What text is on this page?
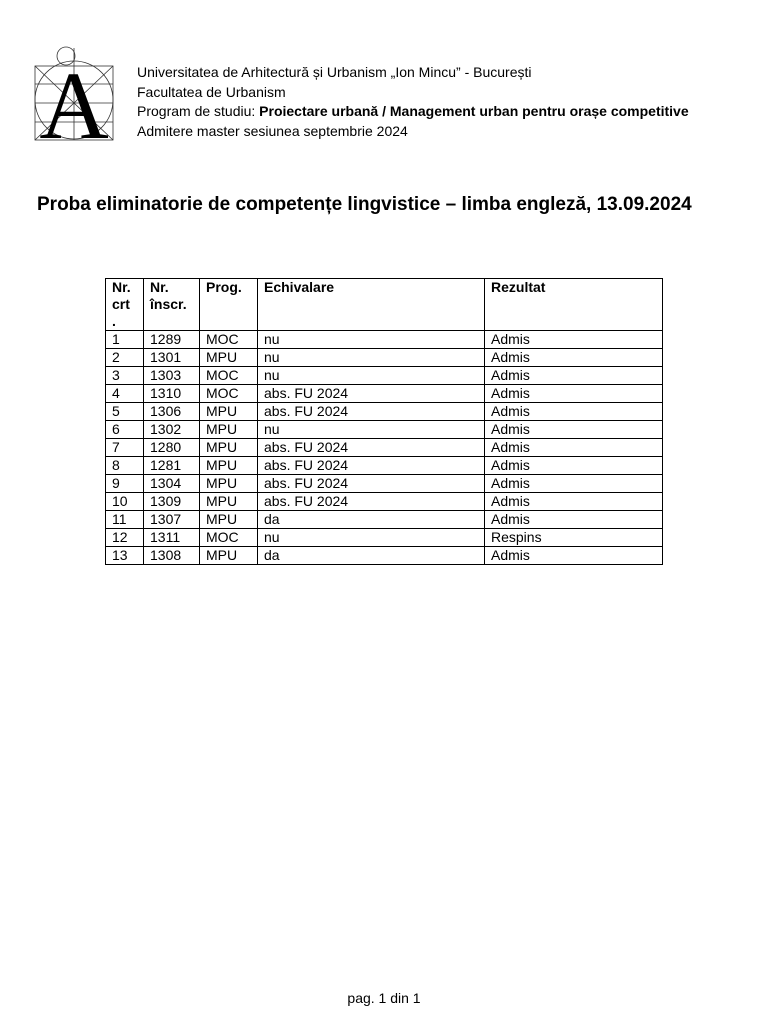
A Universitatea de Arhitectură și Urbanism „Ion Mincu” - București
Facultatea de Urbanism
Program de studiu: Proiectare urbană / Management urban pentru orașe competitive
Admitere master sesiunea septembrie 2024
Proba eliminatorie de competențe lingvistice – limba engleză, 13.09.2024
Nr. crt .	Nr. înscr.	Prog.	Echivalare	Rezultat
1	1289	MOC	nu	Admis
2	1301	MPU	nu	Admis
3	1303	MOC	nu	Admis
4	1310	MOC	abs. FU 2024	Admis
5	1306	MPU	abs. FU 2024	Admis
6	1302	MPU	nu	Admis
7	1280	MPU	abs. FU 2024	Admis
8	1281	MPU	abs. FU 2024	Admis
9	1304	MPU	abs. FU 2024	Admis
10	1309	MPU	abs. FU 2024	Admis
11	1307	MPU	da	Admis
12	1311	MOC	nu	Respins
13	1308	MPU	da	Admis
pag. 1 din 1
